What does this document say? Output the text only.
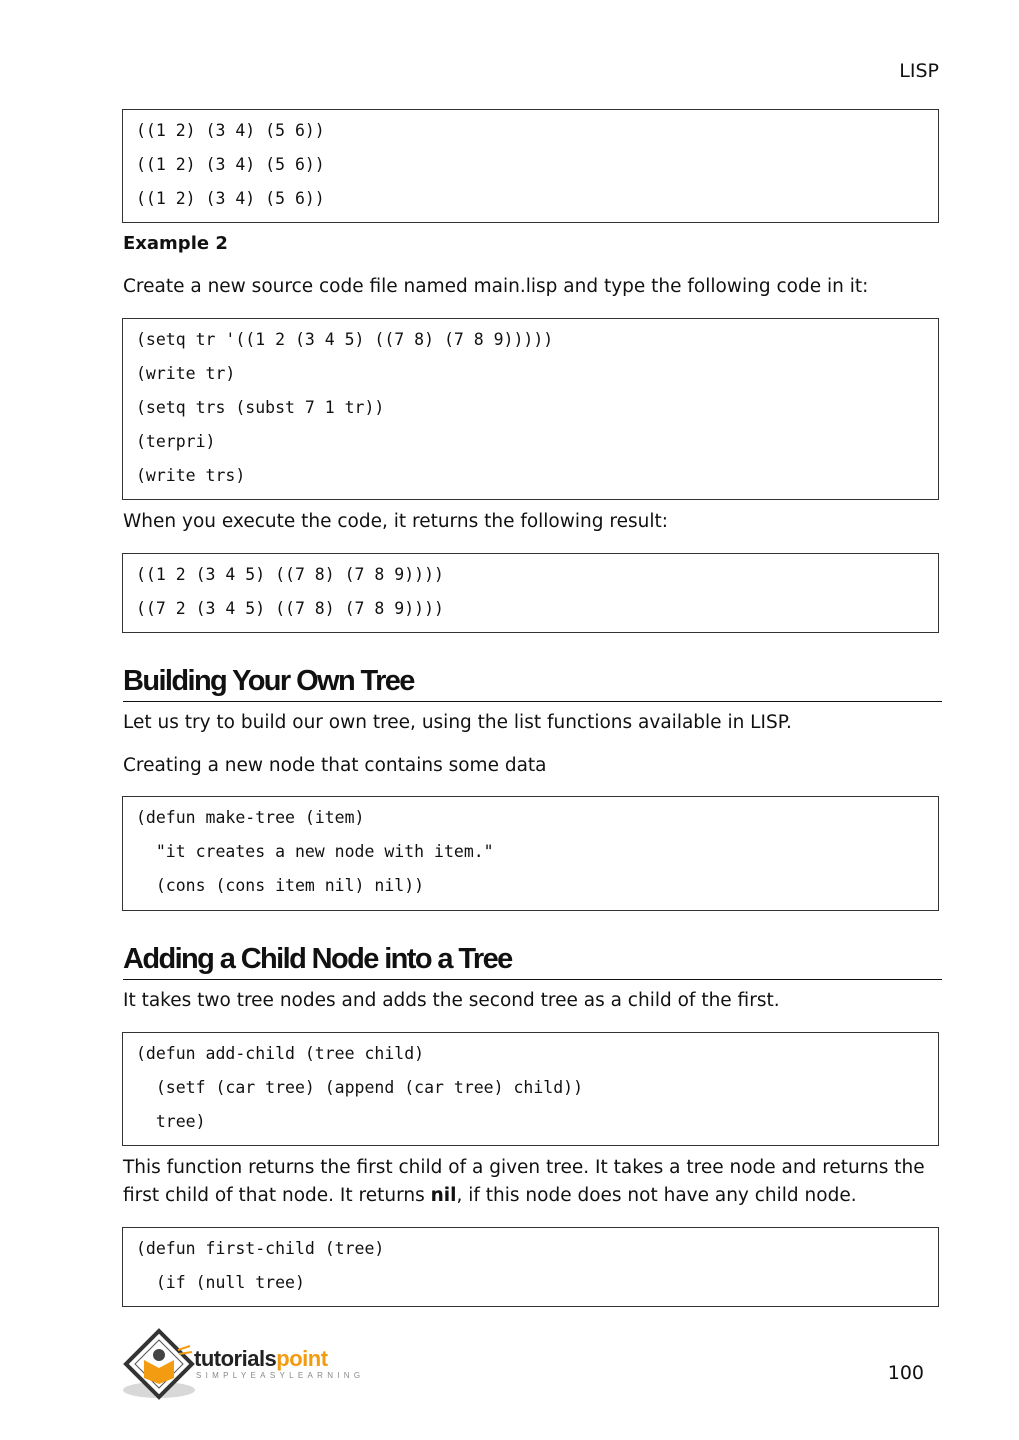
LISP
((1 2) (3 4) (5 6))
((1 2) (3 4) (5 6))
((1 2) (3 4) (5 6))
Example 2
Create a new source code file named main.lisp and type the following code in it:
(setq tr '((1 2 (3 4 5) ((7 8) (7 8 9)))))
(write tr)
(setq trs (subst 7 1 tr))
(terpri)
(write trs)
When you execute the code, it returns the following result:
((1 2 (3 4 5) ((7 8) (7 8 9))))
((7 2 (3 4 5) ((7 8) (7 8 9))))
Building Your Own Tree
Let us try to build our own tree, using the list functions available in LISP.
Creating a new node that contains some data
(defun make-tree (item)
"it creates a new node with item."
(cons (cons item nil) nil))
Adding a Child Node into a Tree
It takes two tree nodes and adds the second tree as a child of the first.
(defun add-child (tree child)
(setf (car tree) (append (car tree) child))
tree)
This function returns the first child of a given tree. It takes a tree node and returns the first child of that node. It returns nil, if this node does not have any child node.
(defun first-child (tree)
(if (null tree)
tutorialspoint
SIMPLYEASYLEARNING	100
